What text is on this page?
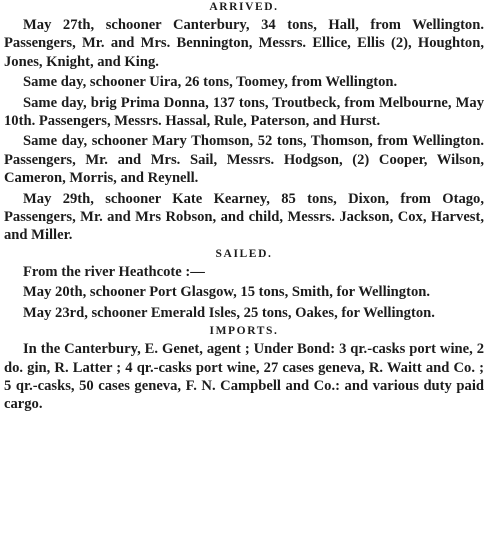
ARRIVED.

May 27th, schooner Canterbury, 34 tons, Hall, from Wellington. Passengers, Mr. and Mrs. Bennington, Messrs. Ellice, Ellis (2), Houghton, Jones, Knight, and King.

Same day, schooner Uira, 26 tons, Toomey, from Wellington.

Same day, brig Prima Donna, 137 tons, Troutbeck, from Melbourne, May 10th. Passengers, Messrs. Hassal, Rule, Paterson, and Hurst.

Same day, schooner Mary Thomson, 52 tons, Thomson, from Wellington. Passengers, Mr. and Mrs. Sail, Messrs. Hodgson, (2) Cooper, Wilson, Cameron, Morris, and Reynell.

May 29th, schooner Kate Kearney, 85 tons, Dixon, from Otago, Passengers, Mr. and Mrs Robson, and child, Messrs. Jackson, Cox, Harvest, and Miller.

SAILED.

From the river Heathcote :—

May 20th, schooner Port Glasgow, 15 tons, Smith, for Wellington.

May 23rd, schooner Emerald Isles, 25 tons, Oakes, for Wellington.

IMPORTS.

In the Canterbury, E. Genet, agent ; Under Bond: 3 qr.-casks port wine, 2 do. gin, R. Latter ; 4 qr.-casks port wine, 27 cases geneva, R. Waitt and Co. ; 5 qr.-casks, 50 cases geneva, F. N. Campbell and Co.: and various duty paid cargo.
